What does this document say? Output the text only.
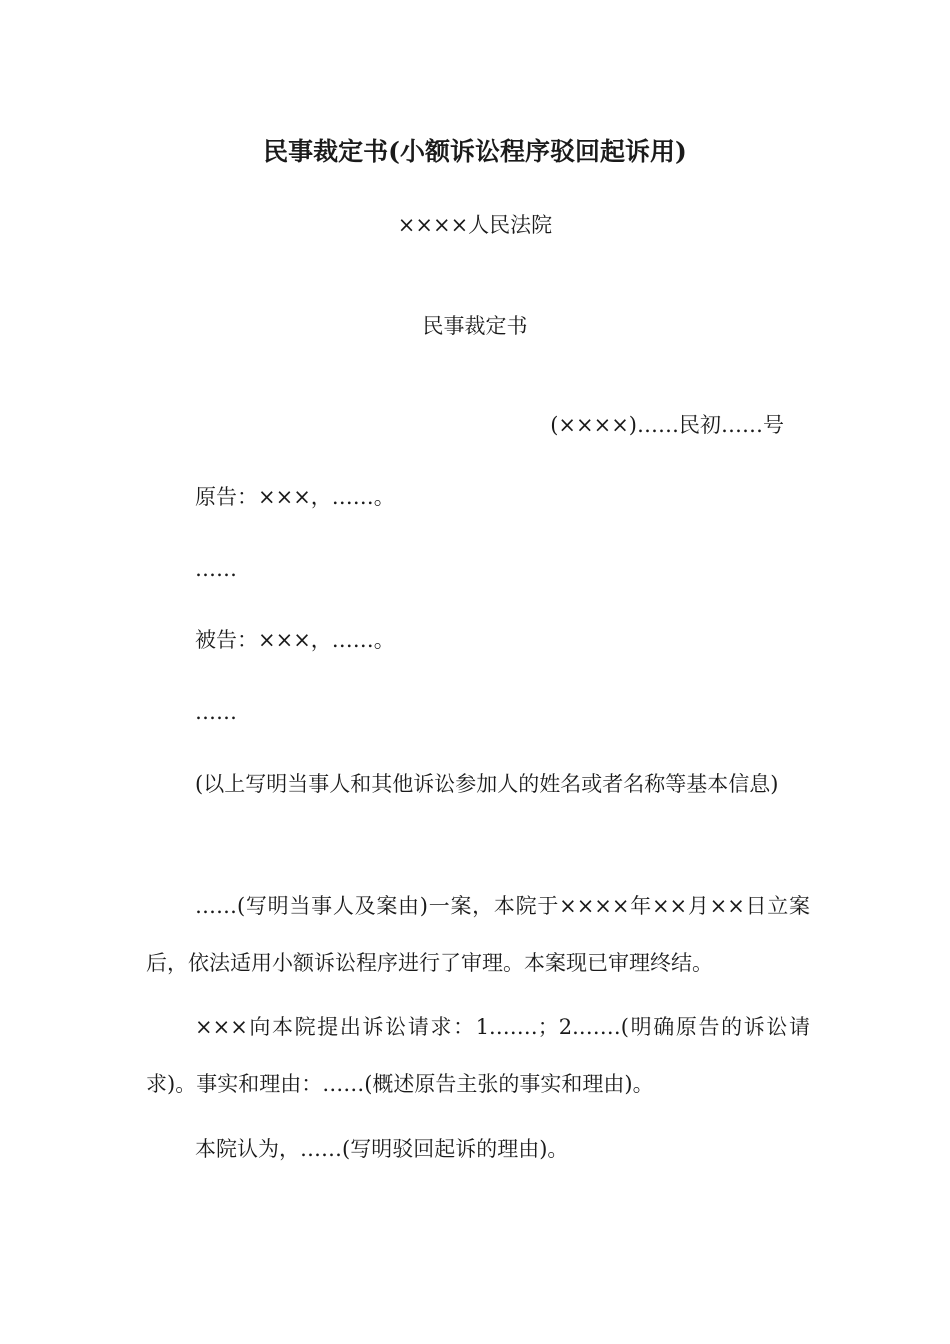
民事裁定书(小额诉讼程序驳回起诉用)
××××人民法院
民事裁定书
(××××)……民初……号
原告：×××，……。
……
被告：×××，……。
……
(以上写明当事人和其他诉讼参加人的姓名或者名称等基本信息)
……(写明当事人及案由)一案，本院于××××年××月××日立案后，依法适用小额诉讼程序进行了审理。本案现已审理终结。
×××向本院提出诉讼请求：1.……；2.……(明确原告的诉讼请求)。事实和理由：……(概述原告主张的事实和理由)。
本院认为，……(写明驳回起诉的理由)。
